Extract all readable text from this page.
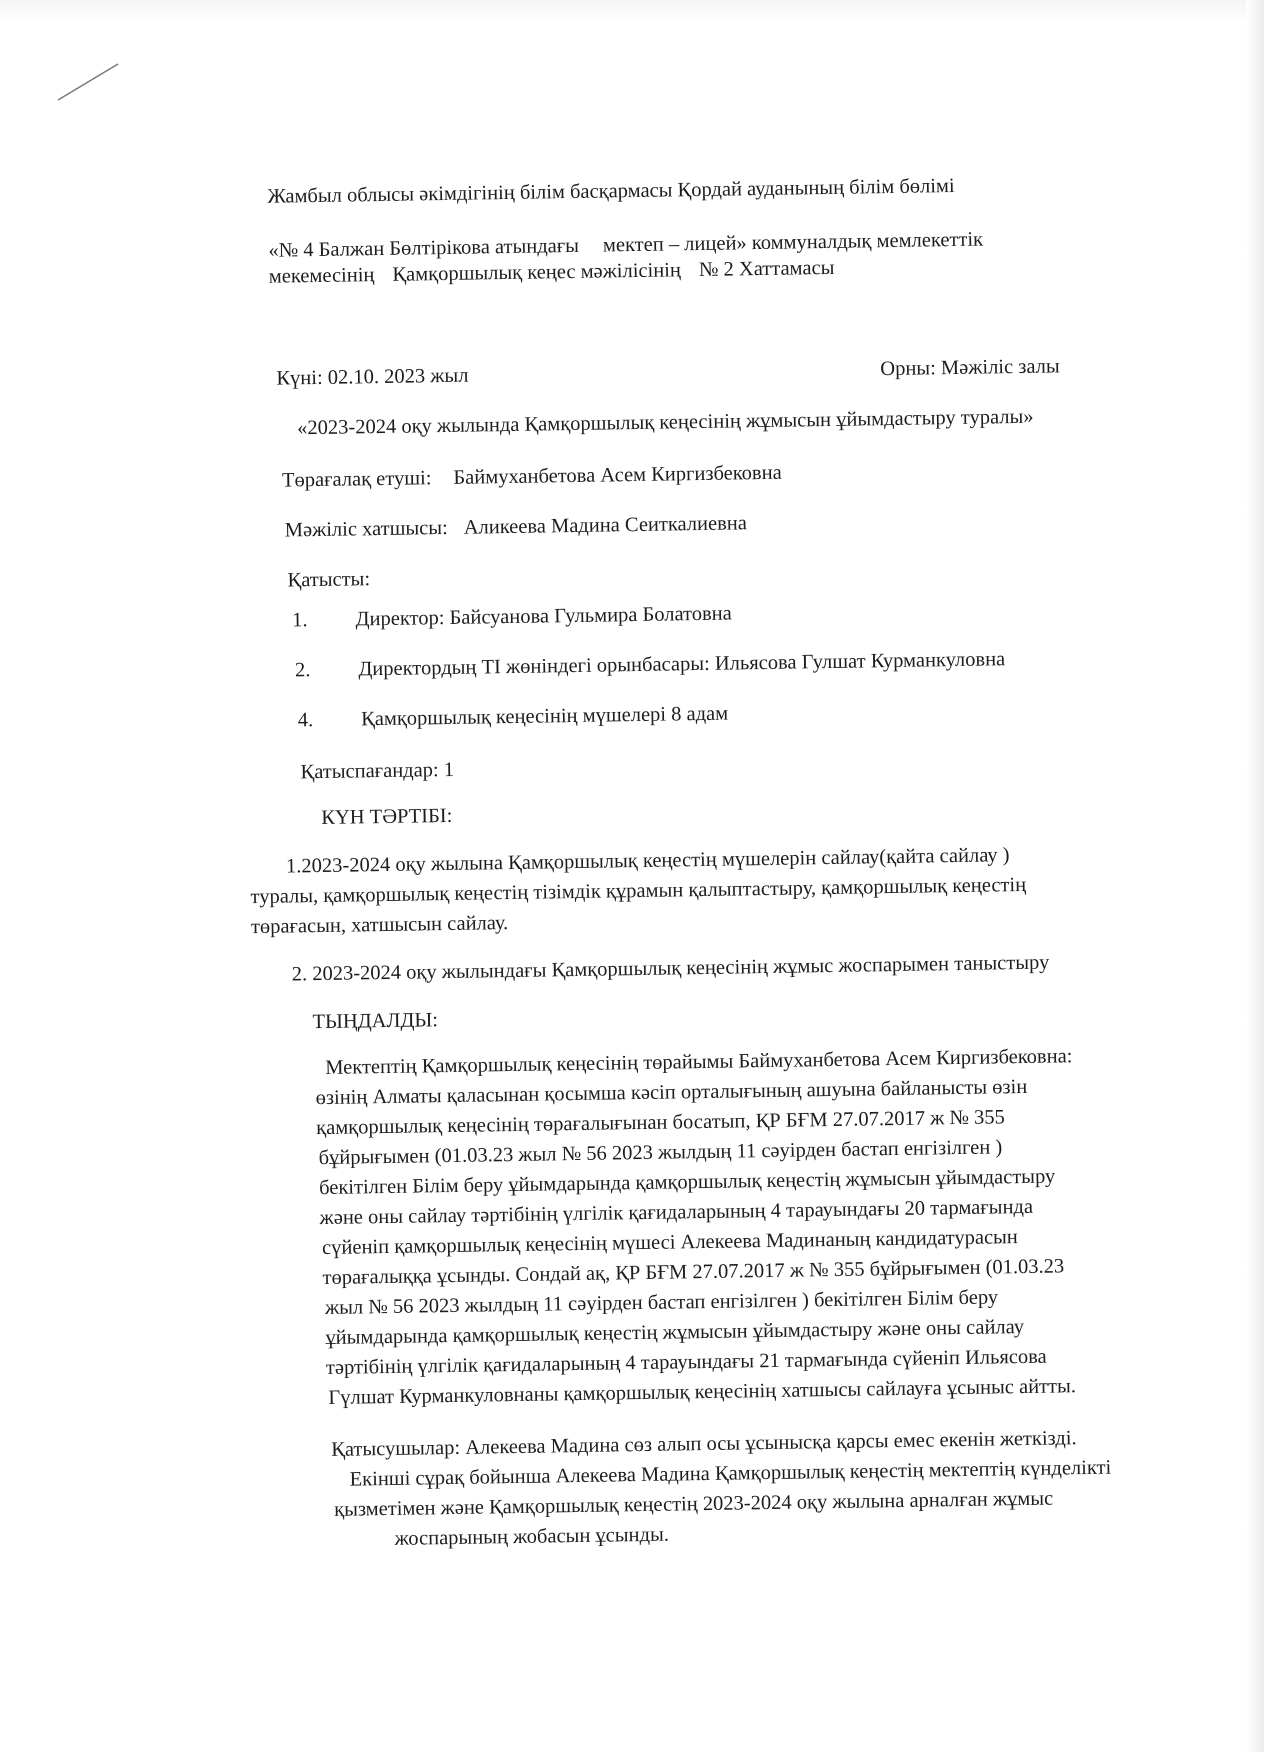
Жамбыл облысы әкімдігінің білім басқармасы Қордай ауданының білім бөлімі
«№ 4 Балжан Бөлтірікова атындағы мектеп – лицей» коммуналдық мемлекеттік
мекемесінің Қамқоршылық кеңес мәжілісінің № 2 Хаттамасы
Күні: 02.10. 2023 жыл	Орны: Мәжіліс залы
«2023-2024 оқу жылында Қамқоршылық кеңесінің жұмысын ұйымдастыру туралы»
Төрағалақ етуші: Баймуханбетова Асем Киргизбековна
Мәжіліс хатшысы: Аликеева Мадина Сеиткалиевна
Қатысты:
1. Директор: Байсуанова Гульмира Болатовна
2. Директордың ТІ жөніндегі орынбасары: Ильясова Гулшат Курманкуловна
4. Қамқоршылық кеңесінің мүшелері 8 адам
Қатыспағандар: 1
КҮН ТӘРТІБІ:
1.2023-2024 оқу жылына Қамқоршылық кеңестің мүшелерін сайлау(қайта сайлау )
туралы, қамқоршылық кеңестің тізімдік құрамын қалыптастыру, қамқоршылық кеңестің
төрағасын, хатшысын сайлау.
2. 2023-2024 оқу жылындағы Қамқоршылық кеңесінің жұмыс жоспарымен таныстыру
ТЫҢДАЛДЫ:
Мектептің Қамқоршылық кеңесінің төрайымы Баймуханбетова Асем Киргизбековна:
өзінің Алматы қаласынан қосымша кәсіп орталығының ашуына байланысты өзін
қамқоршылық кеңесінің төрағалығынан босатып, ҚР БҒМ 27.07.2017 ж № 355
бұйрығымен (01.03.23 жыл № 56 2023 жылдың 11 сәуірден бастап енгізілген )
бекітілген Білім беру ұйымдарында қамқоршылық кеңестің жұмысын ұйымдастыру
және оны сайлау тәртібінің үлгілік қағидаларының 4 тарауындағы 20 тармағында
сүйеніп қамқоршылық кеңесінің мүшесі Алекеева Мадинаның кандидатурасын
төрағалыққа ұсынды. Сондай ақ, ҚР БҒМ 27.07.2017 ж № 355 бұйрығымен (01.03.23
жыл № 56 2023 жылдың 11 сәуірден бастап енгізілген ) бекітілген Білім беру
ұйымдарында қамқоршылық кеңестің жұмысын ұйымдастыру және оны сайлау
тәртібінің үлгілік қағидаларының 4 тарауындағы 21 тармағында сүйеніп Ильясова
Гүлшат Курманкуловнаны қамқоршылық кеңесінің хатшысы сайлауға ұсыныс айтты.
Қатысушылар: Алекеева Мадина сөз алып осы ұсынысқа қарсы емес екенін жеткізді.
Екінші сұрақ бойынша Алекеева Мадина Қамқоршылық кеңестің мектептің күнделікті
қызметімен және Қамқоршылық кеңестің 2023-2024 оқу жылына арналған жұмыс
жоспарының жобасын ұсынды.
